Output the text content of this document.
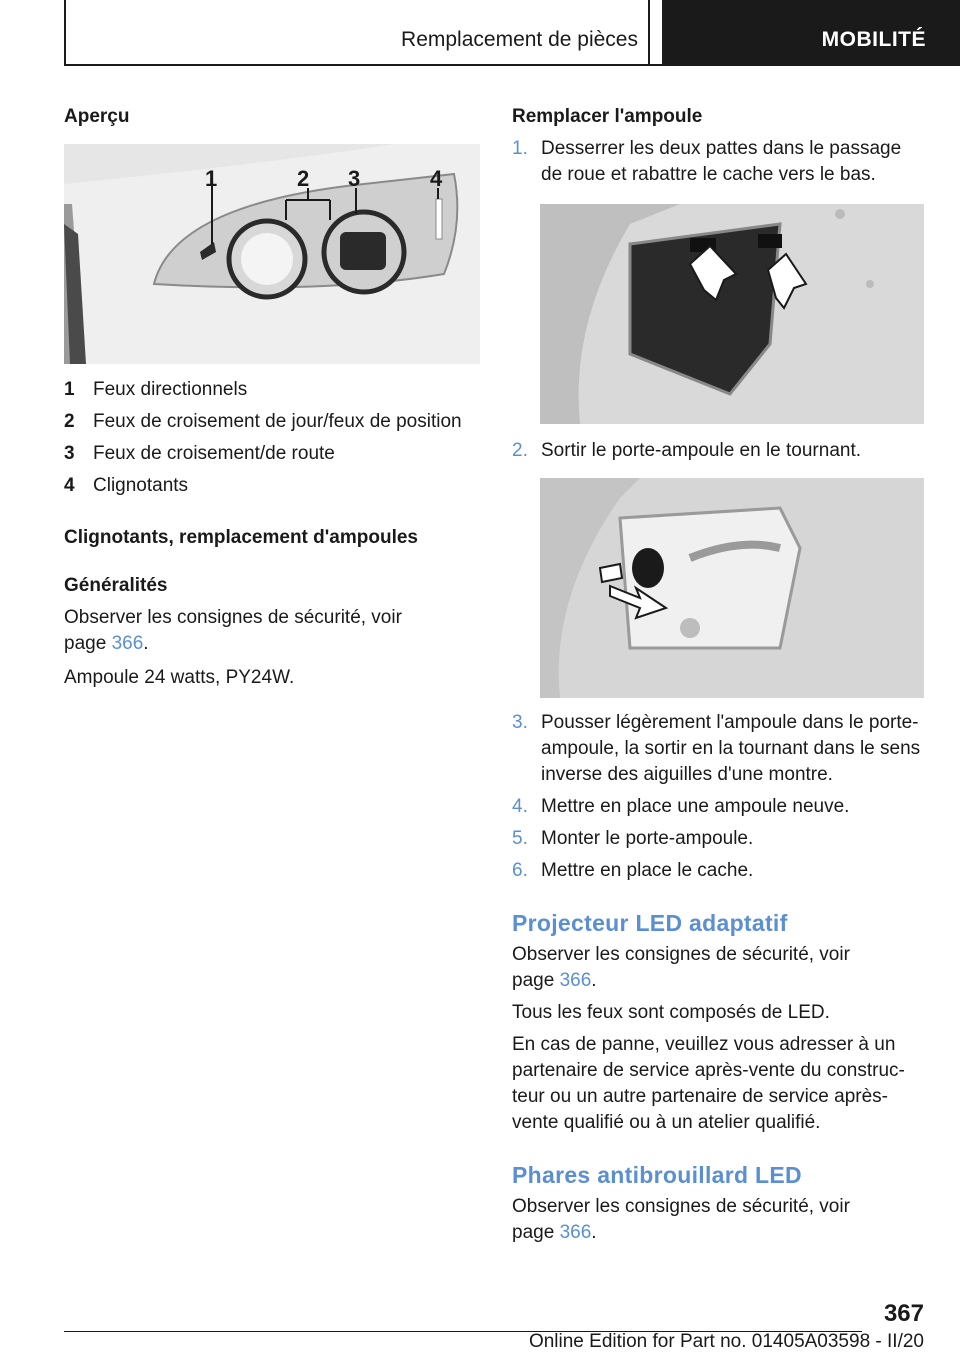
Remplacement de pièces	MOBILITÉ

Aperçu

1	2 3	4
1 Feux directionnels
2 Feux de croisement de jour/feux de position
3 Feux de croisement/de route
4 Clignotants

Clignotants, remplacement d'ampoules

Généralités

Observer les consignes de sécurité, voir
page 366.

Ampoule 24 watts, PY24W.

Remplacer l'ampoule

1. Desserrer les deux pattes dans le passage de roue et rabattre le cache vers le bas.
2. Sortir le porte-ampoule en le tournant.
3. Pousser légèrement l'ampoule dans le porte-ampoule, la sortir en la tournant dans le sens inverse des aiguilles d'une montre.
4. Mettre en place une ampoule neuve.
5. Monter le porte-ampoule.
6. Mettre en place le cache.

Projecteur LED adaptatif

Observer les consignes de sécurité, voir
page 366.

Tous les feux sont composés de LED.

En cas de panne, veuillez vous adresser à un partenaire de service après-vente du construc-teur ou un autre partenaire de service après-vente qualifié ou à un atelier qualifié.

Phares antibrouillard LED

Observer les consignes de sécurité, voir
page 366.

367
Online Edition for Part no. 01405A03598 - II/20
